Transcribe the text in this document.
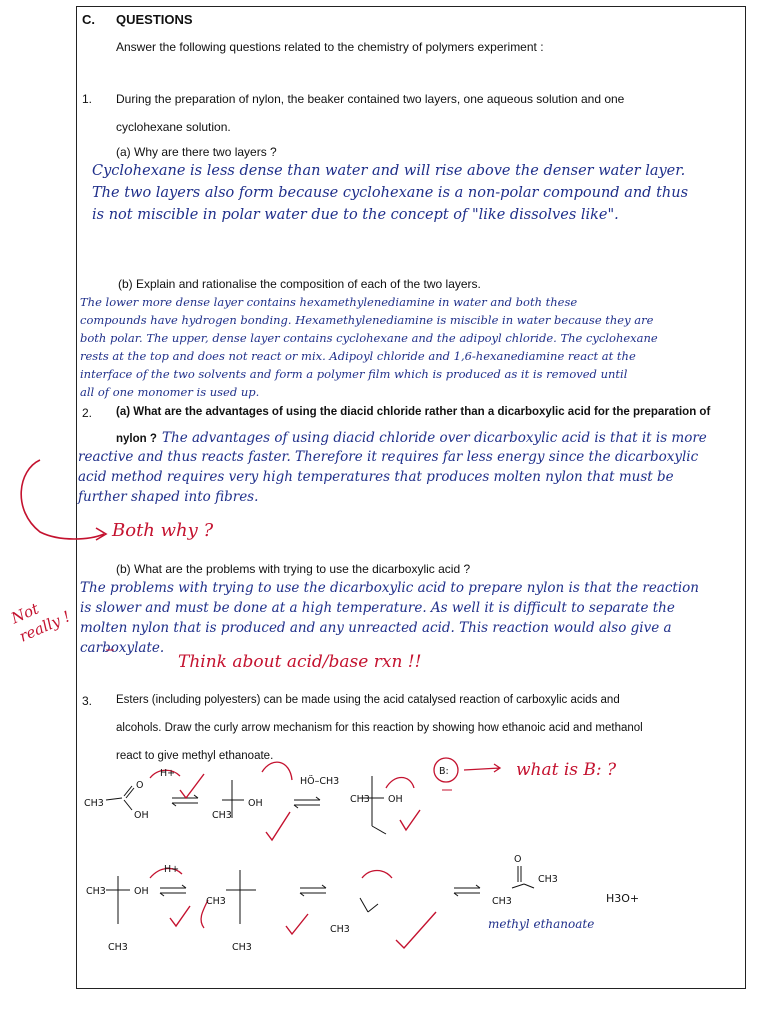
C. QUESTIONS
Answer the following questions related to the chemistry of polymers experiment :
1. During the preparation of nylon, the beaker contained two layers, one aqueous solution and one
cyclohexane solution.
(a) Why are there two layers ?
Cyclohexane is less dense than water and will rise above the denser water layer.
The two layers also form because cyclohexane is a non-polar compound and thus
is not miscible in polar water due to the concept of "like dissolves like".
(b) Explain and rationalise the composition of each of the two layers.
The lower more dense layer contains hexamethylenediamine in water and both these
compounds have hydrogen bonding. Hexamethylenediamine is miscible in water because they are
both polar. The upper, dense layer contains cyclohexane and the adipoyl chloride. The cyclohexane
rests at the top and does not react or mix. Adipoyl chloride and 1,6-hexanediamine react at the
interface of the two solvents and form a polymer film which is produced as it is removed until
all of one monomer is used up.
2. (a) What are the advantages of using the diacid chloride rather than a dicarboxylic acid for the preparation of
nylon ? The advantages of using diacid chloride over dicarboxylic acid is that it is more
reactive and thus reacts faster. Therefore it requires far less energy since the dicarboxylic
acid method requires very high temperatures that produces molten nylon that must be
further shaped into fibres.
Both why ?
(b) What are the problems with trying to use the dicarboxylic acid ?
The problems with trying to use the dicarboxylic acid to prepare nylon is that the reaction
is slower and must be done at a high temperature. As well it is difficult to separate the
molten nylon that is produced and any unreacted acid. This reaction would also give a
carboxylate.
Not really !
Think about acid/base rxn !!
3. Esters (including polyesters) can be made using the acid catalysed reaction of carboxylic acids and
alcohols. Draw the curly arrow mechanism for this reaction by showing how ethanoic acid and methanol
react to give methyl ethanoate.
what is B: ?
CH3
O
OH
H+
CH3
OH
HÖ–CH3
CH3 OH
B:
CH3	OH
H+
CH3
CH3
CH3
CH3
CH3
O
CH3
H3O+
methyl ethanoate
